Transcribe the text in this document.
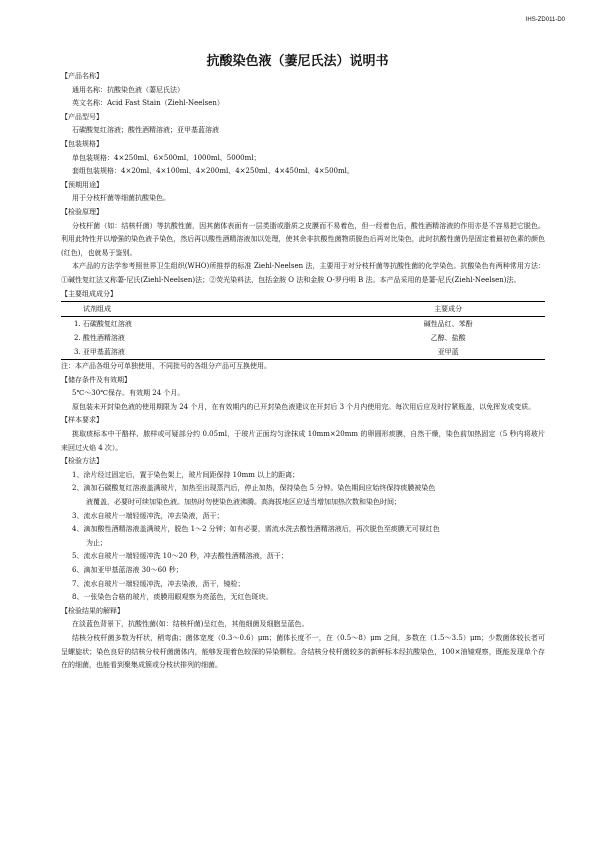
IHS-ZD011-D0
抗酸染色液（萋尼氏法）说明书

【产品名称】

通用名称：抗酸染色液（萋尼氏法）

英文名称：Acid Fast Stain（Ziehl-Neelsen）

【产品型号】

石碳酸复红溶液；酸性酒精溶液；亚甲基蓝溶液

【包装规格】

单包装规格：4×250ml、6×500ml、1000ml、5000ml；

套组包装规格：4×20ml、4×100ml、4×200ml、4×250ml、4×450ml、4×500ml。

【预期用途】

用于分枝杆菌等细菌抗酸染色。

【检验原理】

分枝杆菌（如：结核杆菌）等抗酸性菌，因其菌体表面有一层类脂或脂质之皮膜而不易着色，但一经着色后，酸性酒精溶液的作用亦是不容易把它脱色。利用此特性并以增强的染色液予染色，然后再以酸性酒精溶液加以处理，使其余非抗酸性菌物质脱色后再对比染色，此时抗酸性菌仍是固定着最初色素的颜色(红色)，也就易于鉴别。

本产品的方法学参考照世界卫生组织(WHO)所推荐的标准 Ziehl-Neelsen 法，主要用于对分枝杆菌等抗酸性菌的化学染色。抗酸染色有两种常用方法：①碱性复红法又称萋-尼氏(Ziehl-Neelsen)法；②荧光染料法，包括金胺 O 法和金胺 O-罗丹明 B 法。本产品采用的是萋-尼氏(Ziehl-Neelsen)法。

【主要组成成分】

试剂组成	主要成分
1. 石碳酸复红溶液	碱性品红、苯酚
2. 酸性酒精溶液	乙醇、盐酸
3. 亚甲基蓝溶液	亚甲蓝

注：本产品各组分可单独使用，不同批号的各组分产品可互换使用。

【储存条件及有效期】

5℃～30℃保存。有效期 24 个月。

原包装未开封染色液的使用期限为 24 个月，在有效期内的已开封染色液建议在开封后 3 个月内使用完。每次用后应及时拧紧瓶盖，以免挥发或变质。

【样本要求】

挑取痰标本中干酪样、脓样或可疑部分约 0.05ml，于玻片正面均匀涂抹成 10mm×20mm 的卵圆形痰膜，自然干燥，染色前加热固定（5 秒内将玻片来回过火焰 4 次）。

【检验方法】

1、涂片经过固定后，置于染色架上，玻片间距保持 10mm 以上的距离；

2、滴加石碳酸复红溶液盖满玻片，加热至出现蒸汽后，停止加热，保持染色 5 分钟。染色期间应始终保持痰膜被染色

液覆盖，必要时可续加染色液。加热时勿使染色液沸腾。高海拔地区应适当增加加热次数和染色时间；

3、流水自玻片一端轻缓冲洗，冲去染液，沥干；

4、滴加酸性酒精溶液盖满玻片，脱色 1～2 分钟；如有必要，需流水洗去酸性酒精溶液后，再次脱色至痰膜无可视红色

为止；

5、流水自玻片一端轻缓冲洗 10～20 秒，冲去酸性酒精溶液，沥干；

6、滴加亚甲基蓝溶液 30～60 秒；

7、流水自玻片一端轻缓冲洗，冲去染液，沥干，镜检；

8、一张染色合格的玻片，痰膜用眼观察为亮蓝色，无红色斑块。

【检验结果的解释】

在淡蓝色背景下，抗酸性菌(如：结核杆菌)呈红色，其他细菌及细胞呈蓝色。

结核分枝杆菌多数为杆状，稍弯曲；菌体宽度（0.3～0.6）μm；菌体长度不一，在（0.5～8）μm 之间，多数在（1.5～3.5）μm；少数菌体较长者可呈螺旋状；染色良好的结核分枝杆菌菌体内，能够发现着色较深的异染颗粒。含结核分枝杆菌较多的新鲜标本经抗酸染色，100×油镜观察，既能发现单个存在的细菌，也能看到聚集成簇或分枝状排列的细菌。
